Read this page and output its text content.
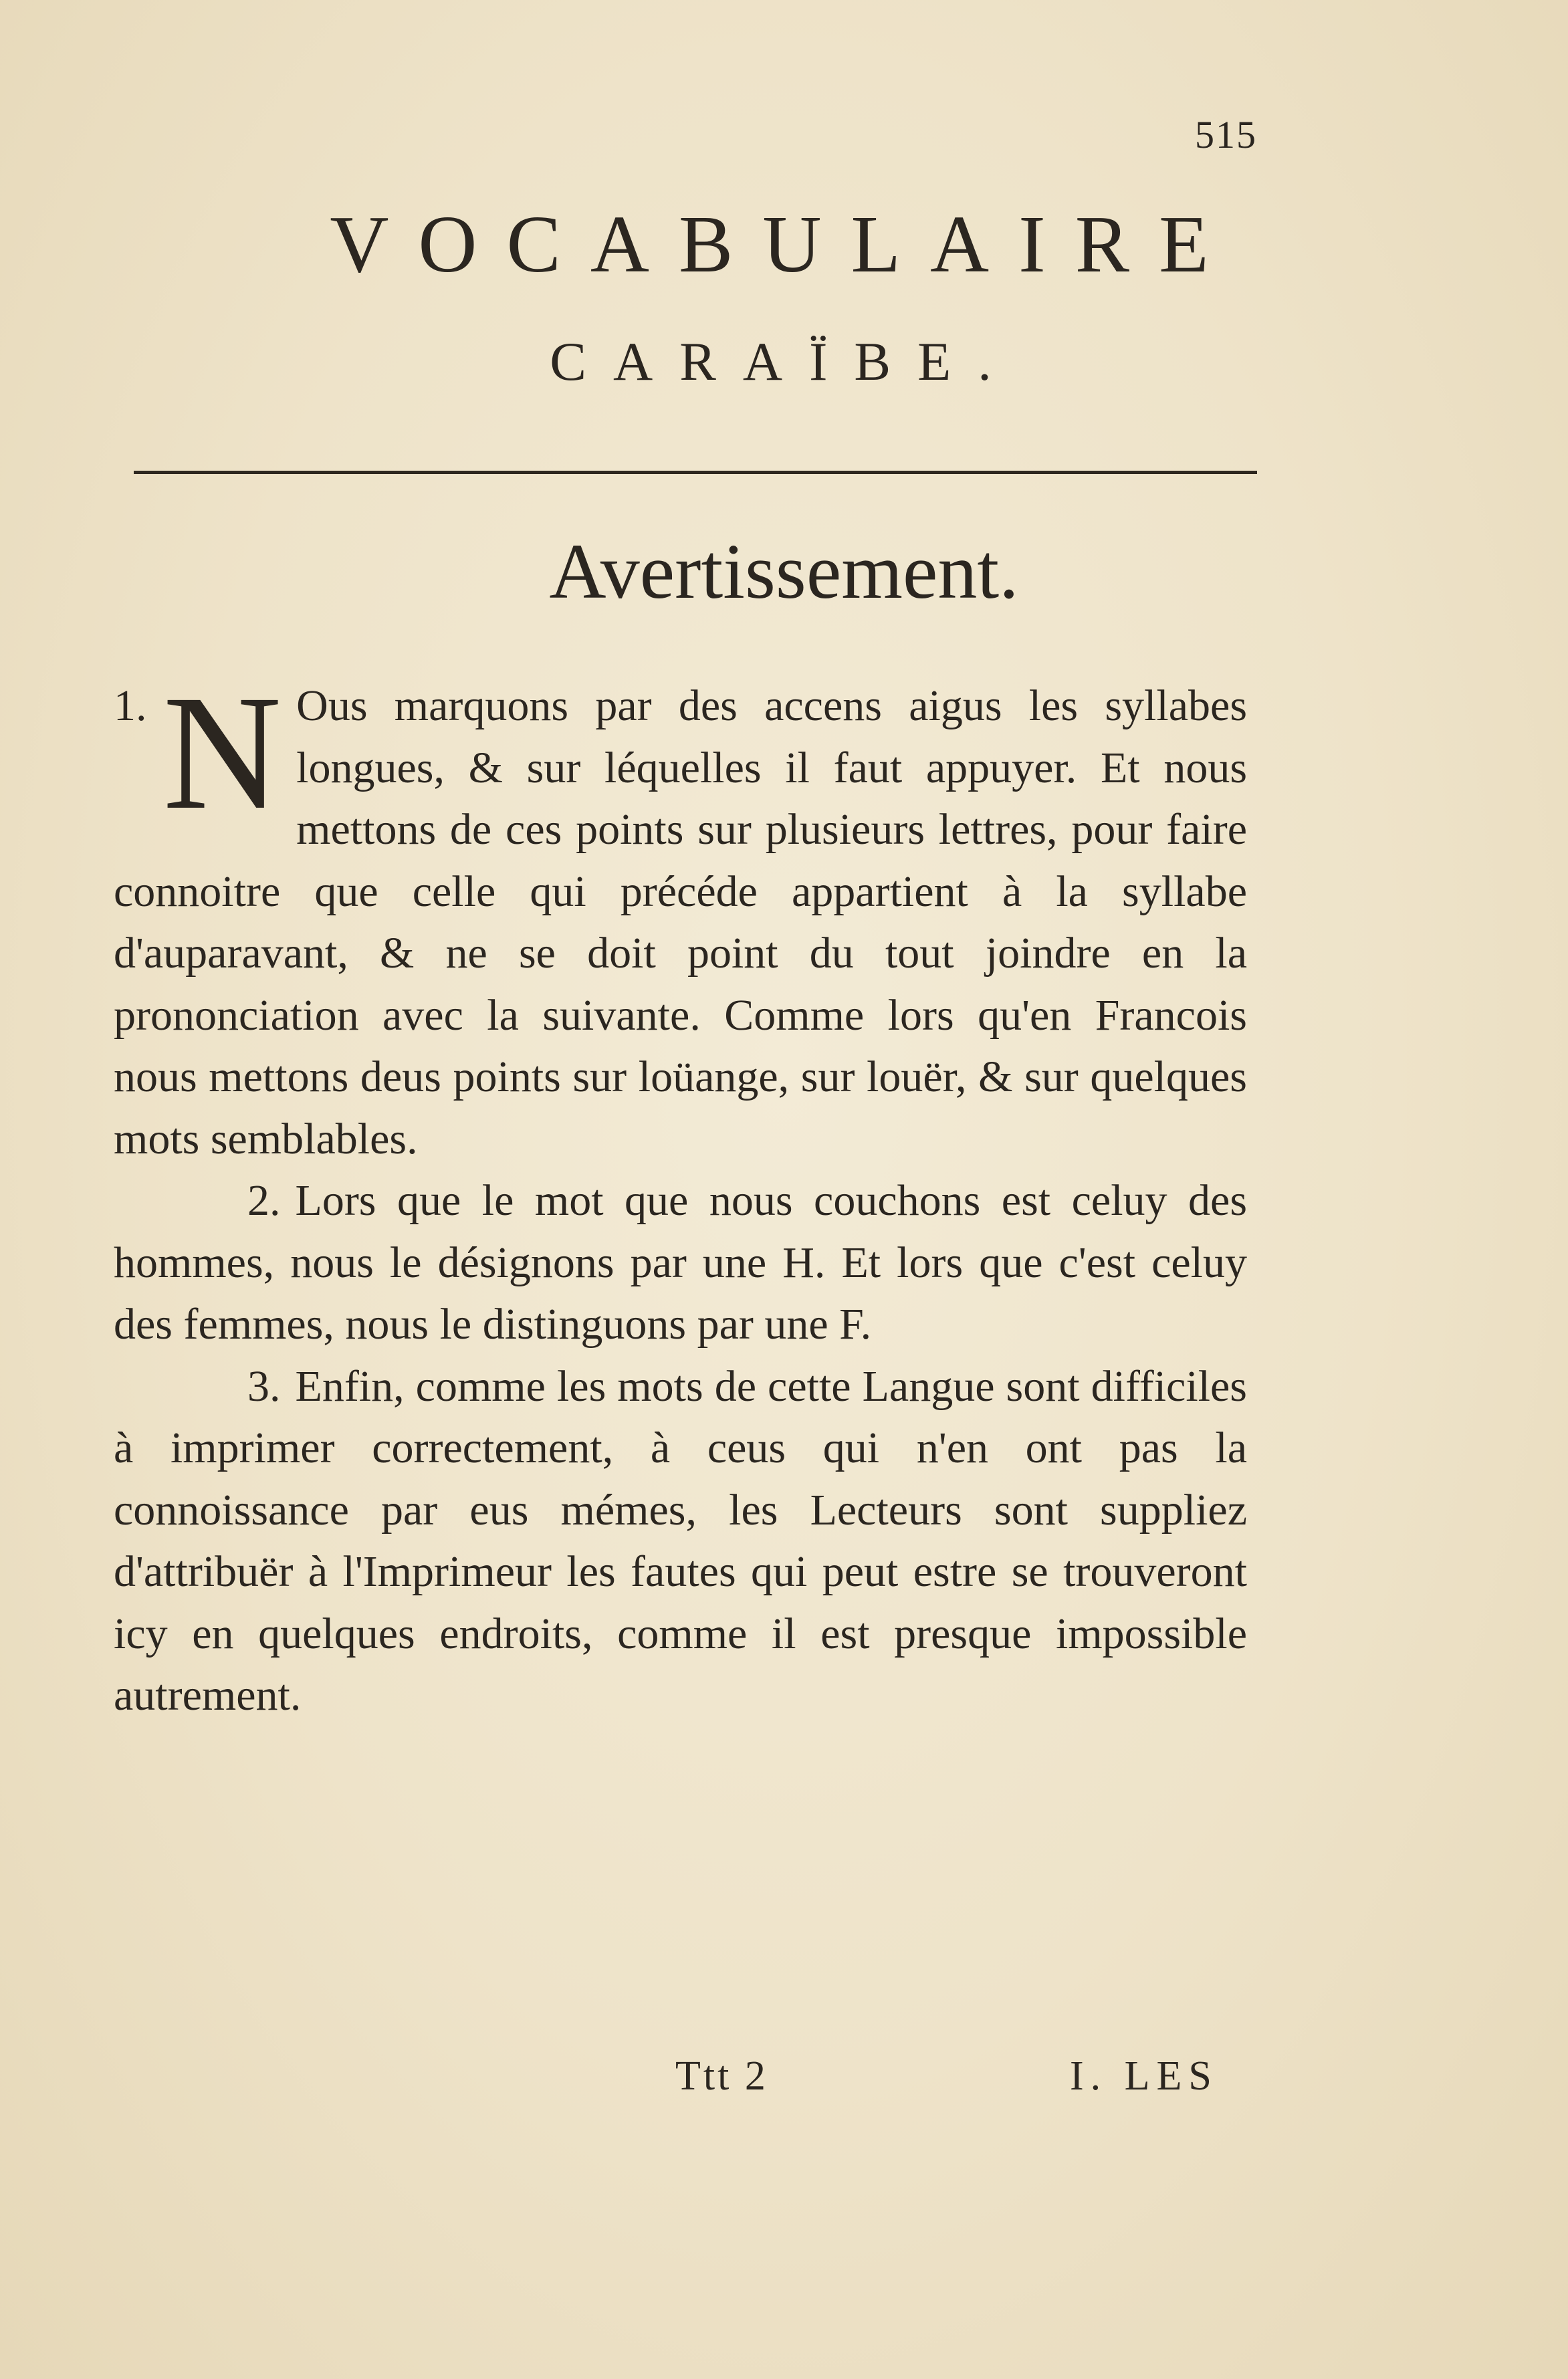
515
VOCABULAIRE
CARAÏBE.
Avertissement.

1. N Ous marquons par des accens aigus les syllabes longues, & sur léquelles il faut appuyer. Et nous mettons de ces points sur plusieurs lettres, pour faire connoitre que celle qui précéde appartient à la syllabe d'auparavant, & ne se doit point du tout joindre en la prononciation avec la suivante. Comme lors qu'en Francois nous mettons deus points sur loüange, sur louër, & sur quelques mots semblables.

2. Lors que le mot que nous couchons est celuy des hommes, nous le désignons par une H. Et lors que c'est celuy des femmes, nous le distinguons par une F.

3. Enfin, comme les mots de cette Langue sont difficiles à imprimer correctement, à ceus qui n'en ont pas la connoissance par eus mémes, les Lecteurs sont suppliez d'attribuër à l'Imprimeur les fautes qui peut estre se trouveront icy en quelques endroits, comme il est presque impossible autrement.

Ttt 2	I. LES
